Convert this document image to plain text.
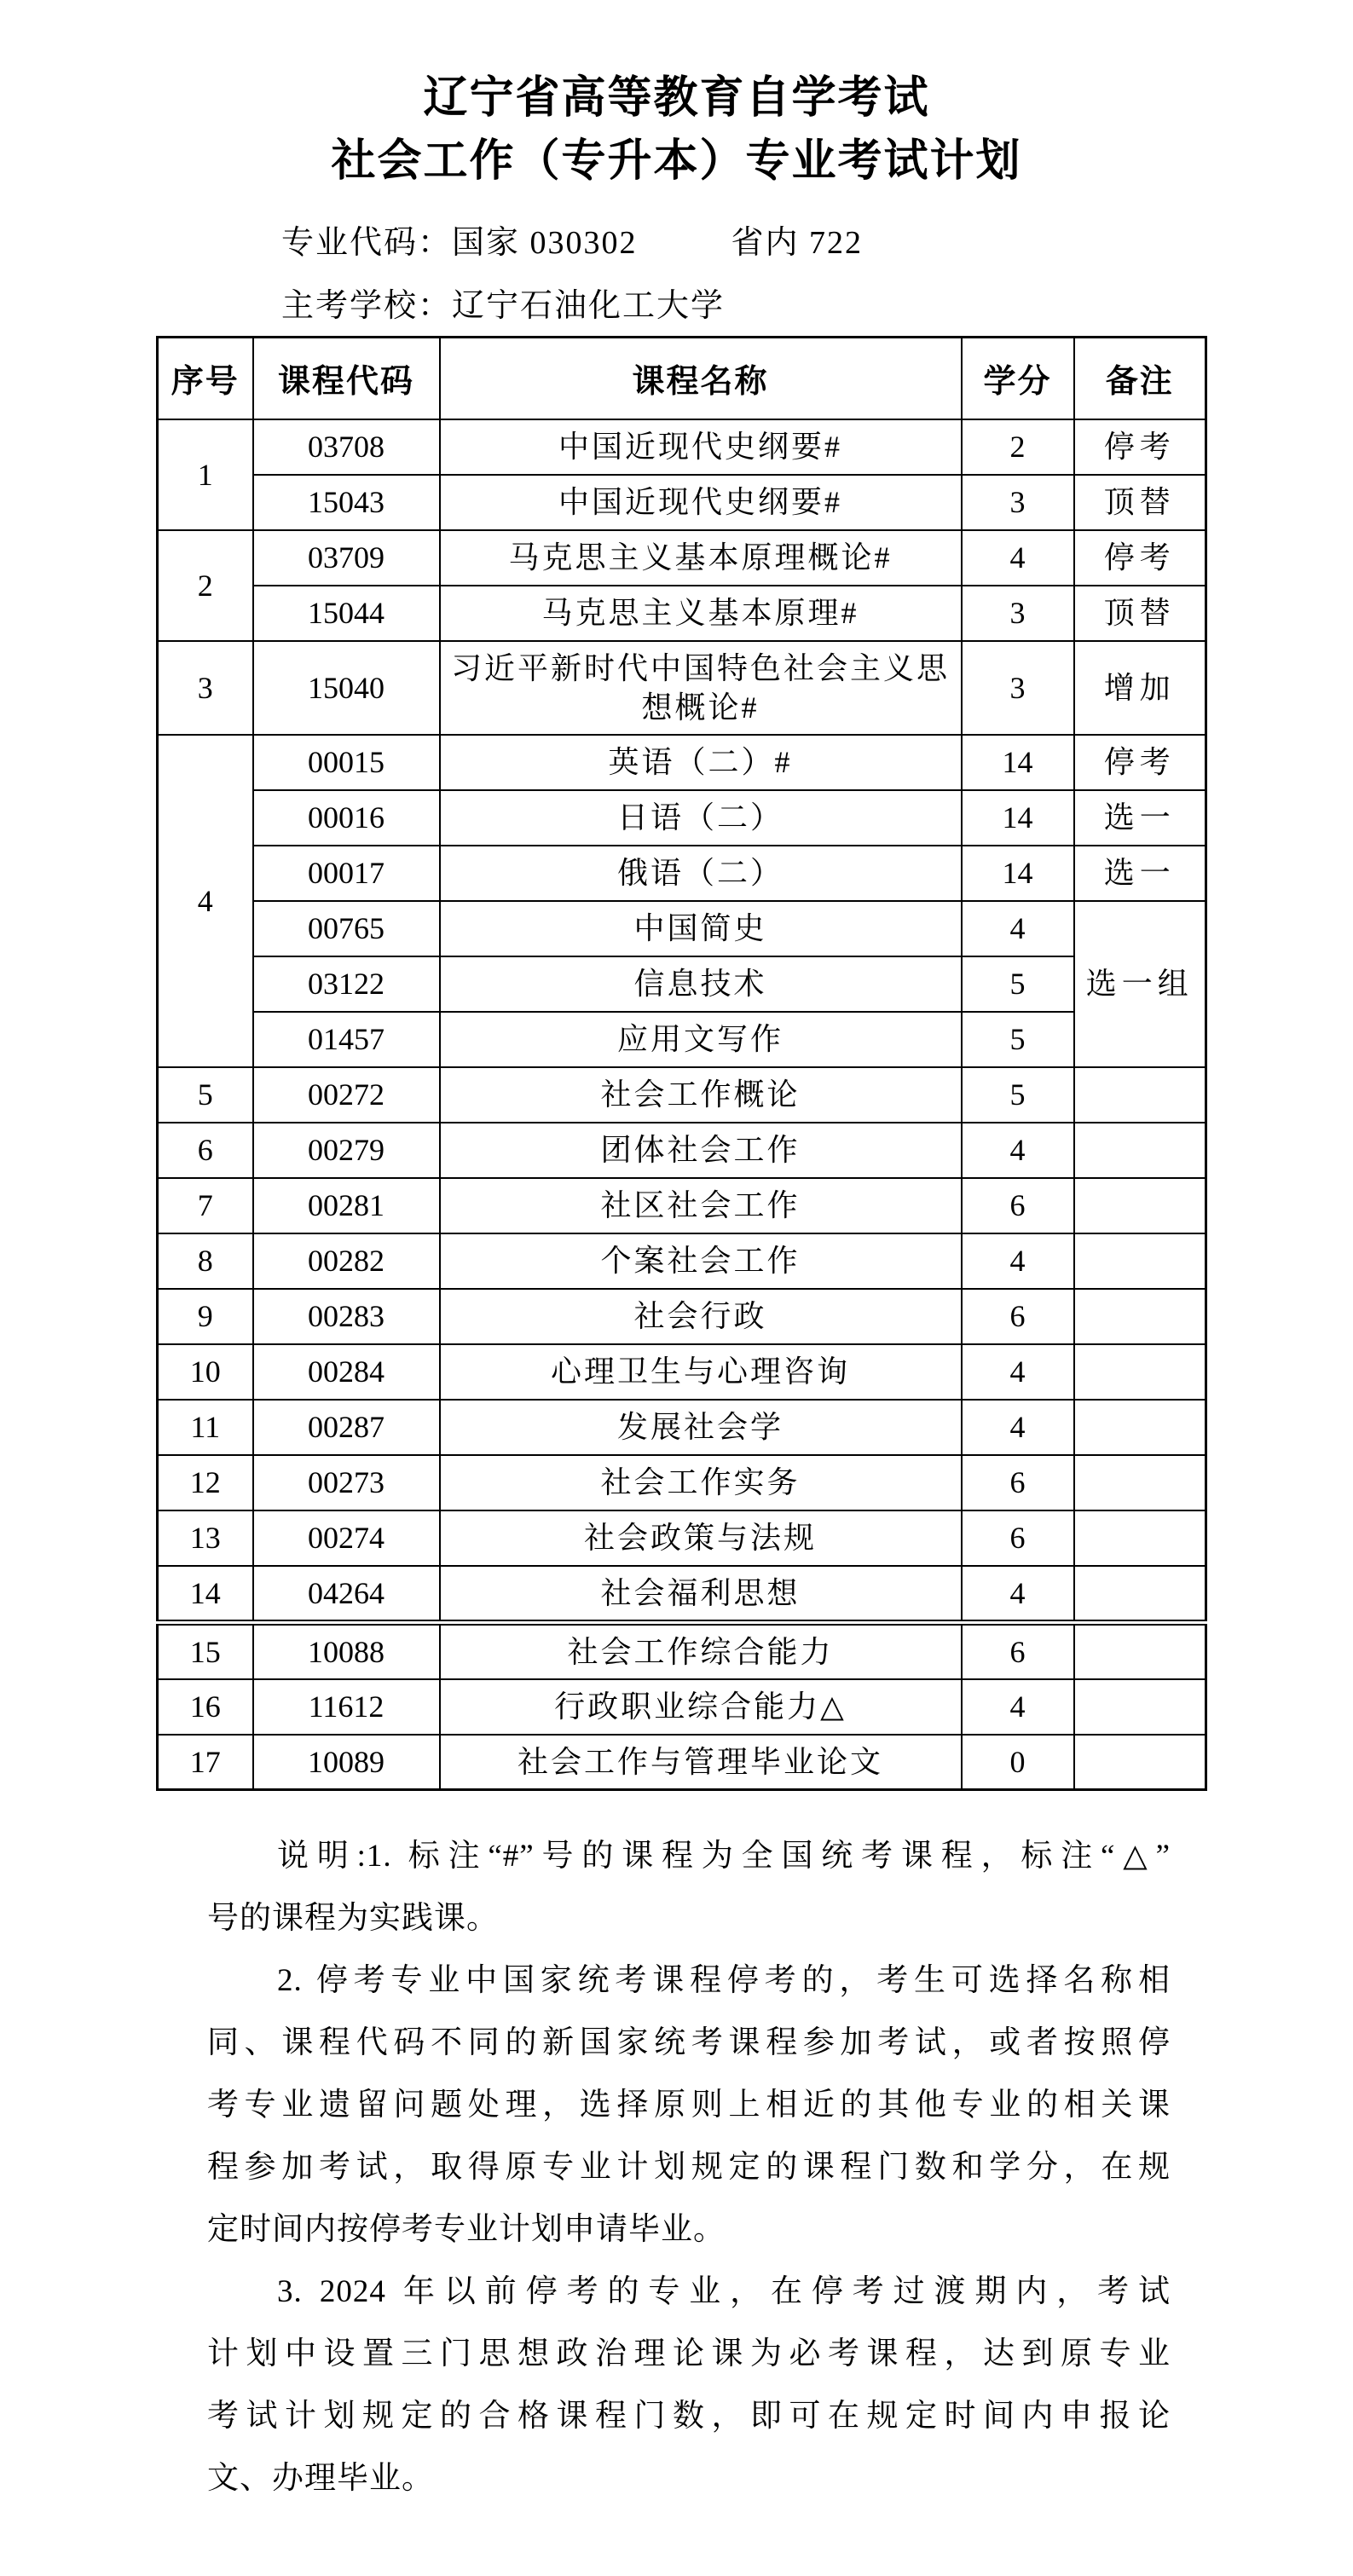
辽宁省高等教育自学考试
社会工作（专升本）专业考试计划
专业代码：国家 030302	省内 722
主考学校：辽宁石油化工大学
序号	课程代码	课程名称	学分	备注
1	03708	中国近现代史纲要#	2	停考
	15043	中国近现代史纲要#	3	顶替
2	03709	马克思主义基本原理概论#	4	停考
	15044	马克思主义基本原理#	3	顶替
3	15040	习近平新时代中国特色社会主义思想概论#	3	增加
4	00015	英语（二）#	14	停考
	00016	日语（二）	14	选一
	00017	俄语（二）	14	选一
	00765	中国简史	4	选一组
	03122	信息技术	5	
	01457	应用文写作	5	
5	00272	社会工作概论	5	
6	00279	团体社会工作	4	
7	00281	社区社会工作	6	
8	00282	个案社会工作	4	
9	00283	社会行政	6	
10	00284	心理卫生与心理咨询	4	
11	00287	发展社会学	4	
12	00273	社会工作实务	6	
13	00274	社会政策与法规	6	
14	04264	社会福利思想	4	
15	10088	社会工作综合能力	6	
16	11612	行政职业综合能力△	4	
17	10089	社会工作与管理毕业论文	0	
说明:1. 标注“#”号的课程为全国统考课程，标注“△”
号的课程为实践课。
2. 停考专业中国家统考课程停考的，考生可选择名称相
同、课程代码不同的新国家统考课程参加考试，或者按照停
考专业遗留问题处理，选择原则上相近的其他专业的相关课
程参加考试，取得原专业计划规定的课程门数和学分，在规
定时间内按停考专业计划申请毕业。
3. 2024 年以前停考的专业，在停考过渡期内，考试
计划中设置三门思想政治理论课为必考课程，达到原专业
考试计划规定的合格课程门数，即可在规定时间内申报论
文、办理毕业。
